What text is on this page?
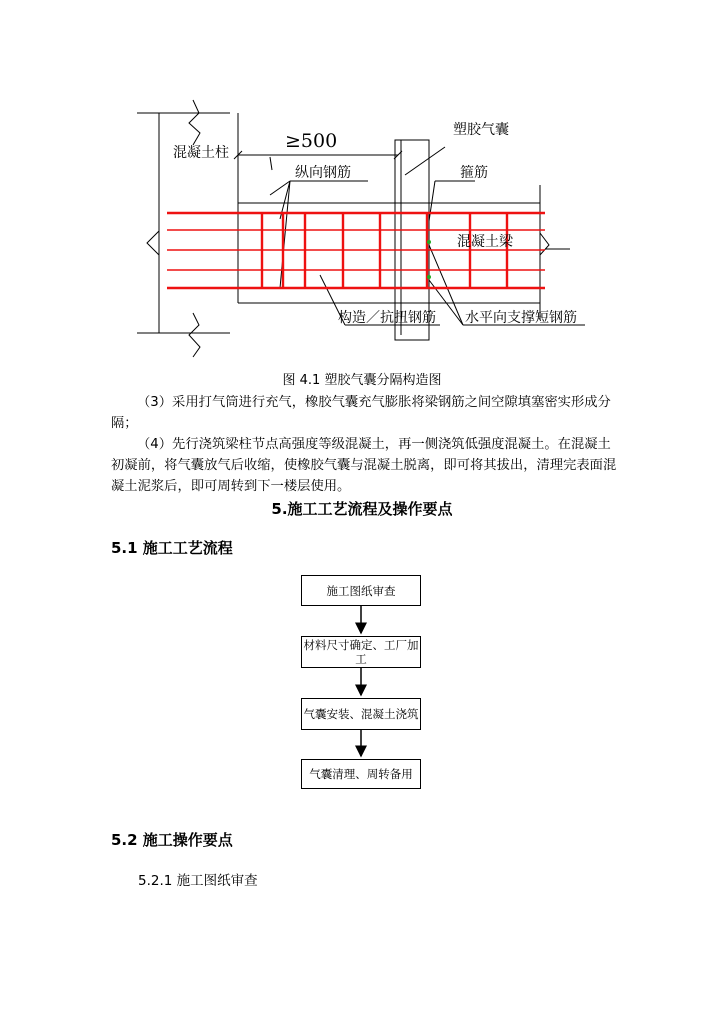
混凝土柱
≥500	塑胶气囊
纵向钢筋	箍筋
混凝土梁
构造／抗扭钢筋 水平向支撑短钢筋
图 4.1 塑胶气囊分隔构造图
（3）采用打气筒进行充气，橡胶气囊充气膨胀将梁钢筋之间空隙填塞密实形成分隔；
（4）先行浇筑梁柱节点高强度等级混凝土，再一侧浇筑低强度混凝土。在混凝土初凝前，将气囊放气后收缩，使橡胶气囊与混凝土脱离，即可将其拔出，清理完表面混凝土泥浆后，即可周转到下一楼层使用。
5.施工工艺流程及操作要点
5.1 施工工艺流程
施工图纸审查
材料尺寸确定、工厂加工
气囊安装、混凝土浇筑
气囊清理、周转备用
5.2 施工操作要点
5.2.1 施工图纸审查
